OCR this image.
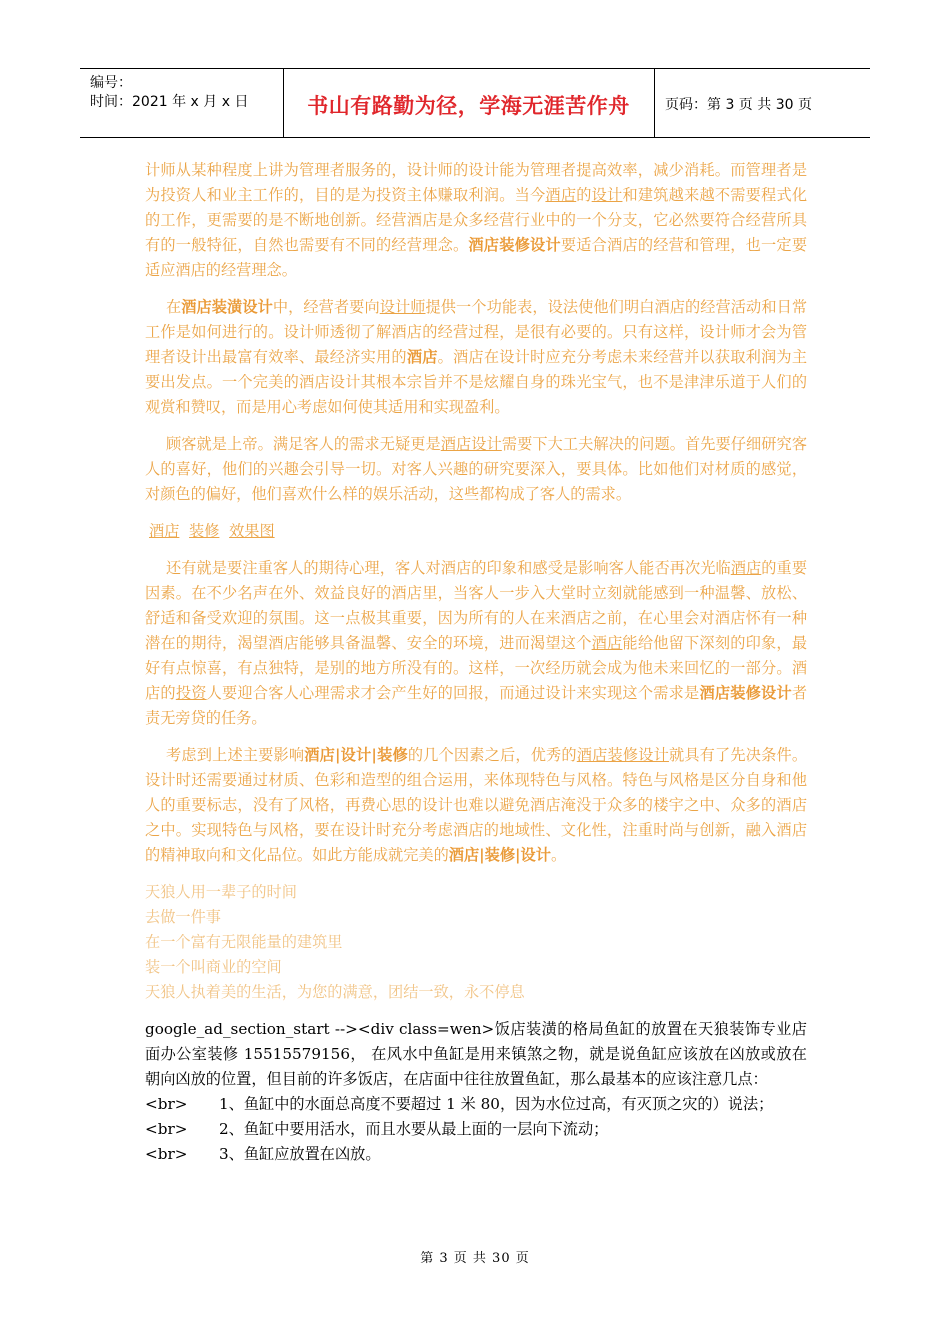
编号：
时间：2021 年 x 月 x 日	书山有路勤为径，学海无涯苦作舟	页码：第 3 页 共 30 页

计师从某种程度上讲为管理者服务的，设计师的设计能为管理者提高效率，减少消耗。而管理者是为投资人和业主工作的，目的是为投资主体赚取利润。当今酒店的设计和建筑越来越不需要程式化的工作，更需要的是不断地创新。经营酒店是众多经营行业中的一个分支，它必然要符合经营所具有的一般特征，自然也需要有不同的经营理念。酒店装修设计要适合酒店的经营和管理，也一定要适应酒店的经营理念。

在酒店装潢设计中，经营者要向设计师提供一个功能表，设法使他们明白酒店的经营活动和日常工作是如何进行的。设计师透彻了解酒店的经营过程，是很有必要的。只有这样，设计师才会为管理者设计出最富有效率、最经济实用的酒店。酒店在设计时应充分考虑未来经营并以获取利润为主要出发点。一个完美的酒店设计其根本宗旨并不是炫耀自身的珠光宝气，也不是津津乐道于人们的观赏和赞叹，而是用心考虑如何使其适用和实现盈利。

顾客就是上帝。满足客人的需求无疑更是酒店设计需要下大工夫解决的问题。首先要仔细研究客人的喜好，他们的兴趣会引导一切。对客人兴趣的研究要深入，要具体。比如他们对材质的感觉，对颜色的偏好，他们喜欢什么样的娱乐活动，这些都构成了客人的需求。

酒店 装修 效果图

还有就是要注重客人的期待心理，客人对酒店的印象和感受是影响客人能否再次光临酒店的重要因素。在不少名声在外、效益良好的酒店里，当客人一步入大堂时立刻就能感到一种温馨、放松、舒适和备受欢迎的氛围。这一点极其重要，因为所有的人在来酒店之前，在心里会对酒店怀有一种潜在的期待，渴望酒店能够具备温馨、安全的环境，进而渴望这个酒店能给他留下深刻的印象，最好有点惊喜，有点独特，是别的地方所没有的。这样，一次经历就会成为他未来回忆的一部分。酒店的投资人要迎合客人心理需求才会产生好的回报，而通过设计来实现这个需求是酒店装修设计者责无旁贷的任务。

考虑到上述主要影响酒店|设计|装修的几个因素之后，优秀的酒店装修设计就具有了先决条件。设计时还需要通过材质、色彩和造型的组合运用，来体现特色与风格。特色与风格是区分自身和他人的重要标志，没有了风格，再费心思的设计也难以避免酒店淹没于众多的楼宇之中、众多的酒店之中。实现特色与风格，要在设计时充分考虑酒店的地域性、文化性，注重时尚与创新，融入酒店的精神取向和文化品位。如此方能成就完美的酒店|装修|设计。

天狼人用一辈子的时间

去做一件事

在一个富有无限能量的建筑里

装一个叫商业的空间

天狼人执着美的生活，为您的满意，团结一致，永不停息

google_ad_section_start --><div class=wen>饭店装潢的格局鱼缸的放置在天狼装饰专业店面办公室装修 15515579156， 在风水中鱼缸是用来镇煞之物，就是说鱼缸应该放在凶放或放在朝向凶放的位置，但目前的许多饭店，在店面中往往放置鱼缸，那么最基本的应该注意几点：

<br>	1、鱼缸中的水面总高度不要超过 1 米 80，因为水位过高，有灭顶之灾的）说法；
<br>	2、鱼缸中要用活水，而且水要从最上面的一层向下流动；
<br>	3、鱼缸应放置在凶放。
第 3 页 共 30 页
